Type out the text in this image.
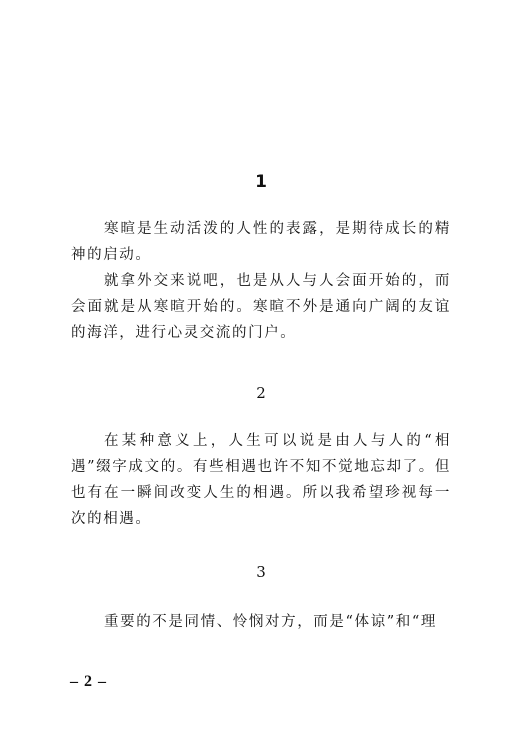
1

寒暄是生动活泼的人性的表露，是期待成长的精神的启动。

就拿外交来说吧，也是从人与人会面开始的，而会面就是从寒暄开始的。寒暄不外是通向广阔的友谊的海洋，进行心灵交流的门户。

2

在某种意义上，人生可以说是由人与人的“相遇”缀字成文的。有些相遇也许不知不觉地忘却了。但也有在一瞬间改变人生的相遇。所以我希望珍视每一次的相遇。

3

重要的不是同情、怜悯对方，而是“体谅”和“理

– 2 –
